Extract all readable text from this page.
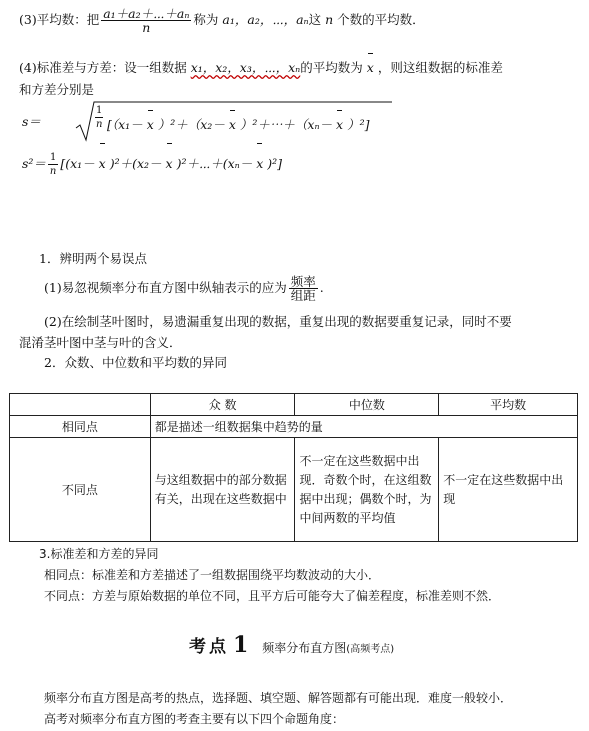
(3)平均数：把 $\frac{\text{a₁＋a₂＋⋯＋aₙ}}{n}$ 称为 a₁，a₂，⋯，aₙ这 n 个数的平均数．
(4)标准差与方差：设一组数据 x₁，x₂，x₃，⋯，xₙ的平均数为 x ，则这组数据的标准差
和方差分别是
s＝
1
n [（x₁－ x ）²＋（x₂－ x ）²＋⋯＋（xₙ－ x ）²]
$s^2= \frac{1}{n} [(x_1- x$ )²＋(x₂－ x )²＋⋯＋(xₙ－ x )²]
1．辨明两个易误点
(1)易忽视频率分布直方图中纵轴表示的应为 $\frac{\text{频率}}{\text{组距}}$ .
(2)在绘制茎叶图时，易遗漏重复出现的数据，重复出现的数据要重复记录，同时不要
混淆茎叶图中茎与叶的含义．
2．众数、中位数和平均数的异同
	众 数	中位数	平均数
相同点	都是描述一组数据集中趋势的量		
不同点	与这组数据中的部分数据有关，出现在这些数据中	不一定在这些数据中出现．奇数个时，在这组数据中出现；偶数个时，为中间两数的平均值	不一定在这些数据中出现
3.标准差和方差的异同
相同点：标准差和方差描述了一组数据围绕平均数波动的大小．
不同点：方差与原始数据的单位不同，且平方后可能夸大了偏差程度，标准差则不然．
考点 1 频率分布直方图(高频考点)
频率分布直方图是高考的热点，选择题、填空题、解答题都有可能出现．难度一般较小．
高考对频率分布直方图的考查主要有以下四个命题角度：
